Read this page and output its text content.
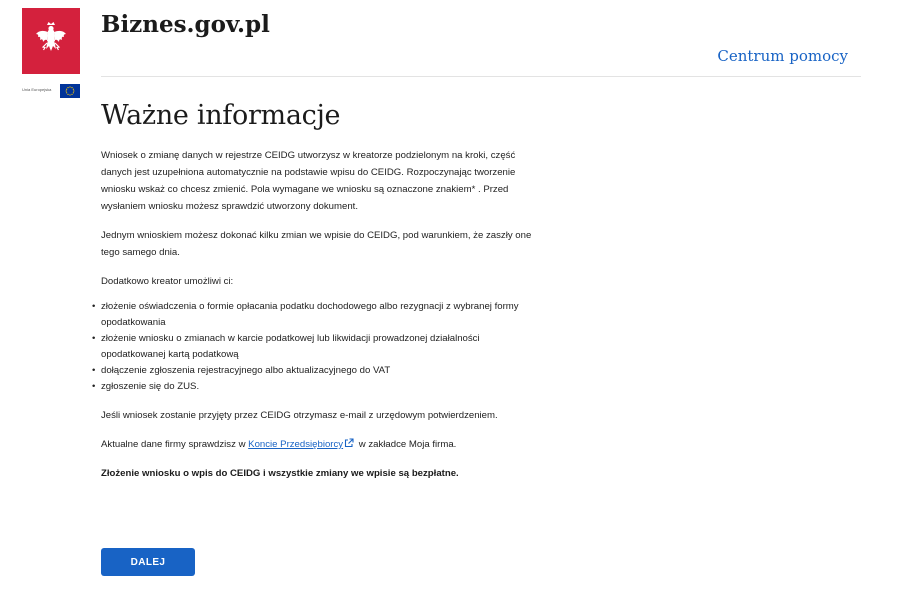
Unia Europejska
Biznes.gov.pl
Centrum pomocy
Ważne informacje

Wniosek o zmianę danych w rejestrze CEIDG utworzysz w kreatorze podzielonym na kroki, część danych jest uzupełniona automatycznie na podstawie wpisu do CEIDG. Rozpoczynając tworzenie wniosku wskaż co chcesz zmienić. Pola wymagane we wniosku są oznaczone znakiem* . Przed wysłaniem wniosku możesz sprawdzić utworzony dokument.

Jednym wnioskiem możesz dokonać kilku zmian we wpisie do CEIDG, pod warunkiem, że zaszły one tego samego dnia.

Dodatkowo kreator umożliwi ci:

• złożenie oświadczenia o formie opłacania podatku dochodowego albo rezygnacji z wybranej formy opodatkowania
• złożenie wniosku o zmianach w karcie podatkowej lub likwidacji prowadzonej działalności opodatkowanej kartą podatkową
• dołączenie zgłoszenia rejestracyjnego albo aktualizacyjnego do VAT
• zgłoszenie się do ZUS.

Jeśli wniosek zostanie przyjęty przez CEIDG otrzymasz e-mail z urzędowym potwierdzeniem.

Aktualne dane firmy sprawdzisz w Koncie Przedsiębiorcy w zakładce Moja firma.

Złożenie wniosku o wpis do CEIDG i wszystkie zmiany we wpisie są bezpłatne.

DALEJ
